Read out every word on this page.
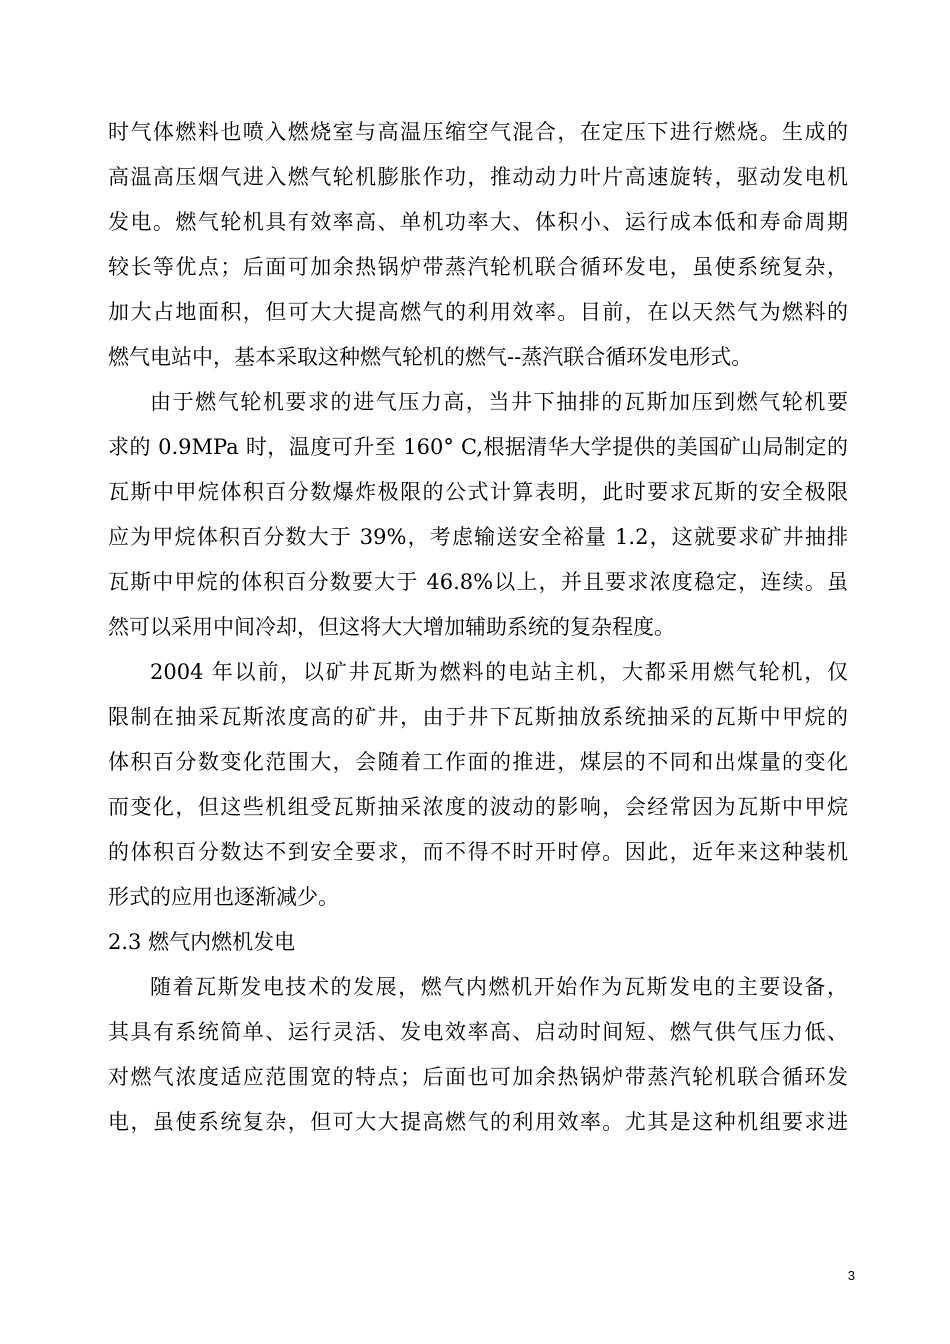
时气体燃料也喷入燃烧室与高温压缩空气混合，在定压下进行燃烧。生成的
高温高压烟气进入燃气轮机膨胀作功，推动动力叶片高速旋转，驱动发电机
发电。燃气轮机具有效率高、单机功率大、体积小、运行成本低和寿命周期
较长等优点；后面可加余热锅炉带蒸汽轮机联合循环发电，虽使系统复杂，
加大占地面积，但可大大提高燃气的利用效率。目前，在以天然气为燃料的
燃气电站中，基本采取这种燃气轮机的燃气--蒸汽联合循环发电形式。
由于燃气轮机要求的进气压力高，当井下抽排的瓦斯加压到燃气轮机要
求的 0.9MPa 时，温度可升至 160° C,根据清华大学提供的美国矿山局制定的
瓦斯中甲烷体积百分数爆炸极限的公式计算表明，此时要求瓦斯的安全极限
应为甲烷体积百分数大于 39%，考虑输送安全裕量 1.2，这就要求矿井抽排
瓦斯中甲烷的体积百分数要大于 46.8%以上，并且要求浓度稳定，连续。虽
然可以采用中间冷却，但这将大大增加辅助系统的复杂程度。
2004 年以前，以矿井瓦斯为燃料的电站主机，大都采用燃气轮机，仅
限制在抽采瓦斯浓度高的矿井，由于井下瓦斯抽放系统抽采的瓦斯中甲烷的
体积百分数变化范围大，会随着工作面的推进，煤层的不同和出煤量的变化
而变化，但这些机组受瓦斯抽采浓度的波动的影响，会经常因为瓦斯中甲烷
的体积百分数达不到安全要求，而不得不时开时停。因此，近年来这种装机
形式的应用也逐渐减少。
2.3 燃气内燃机发电
随着瓦斯发电技术的发展，燃气内燃机开始作为瓦斯发电的主要设备，
其具有系统简单、运行灵活、发电效率高、启动时间短、燃气供气压力低、
对燃气浓度适应范围宽的特点；后面也可加余热锅炉带蒸汽轮机联合循环发
电，虽使系统复杂，但可大大提高燃气的利用效率。尤其是这种机组要求进
3
